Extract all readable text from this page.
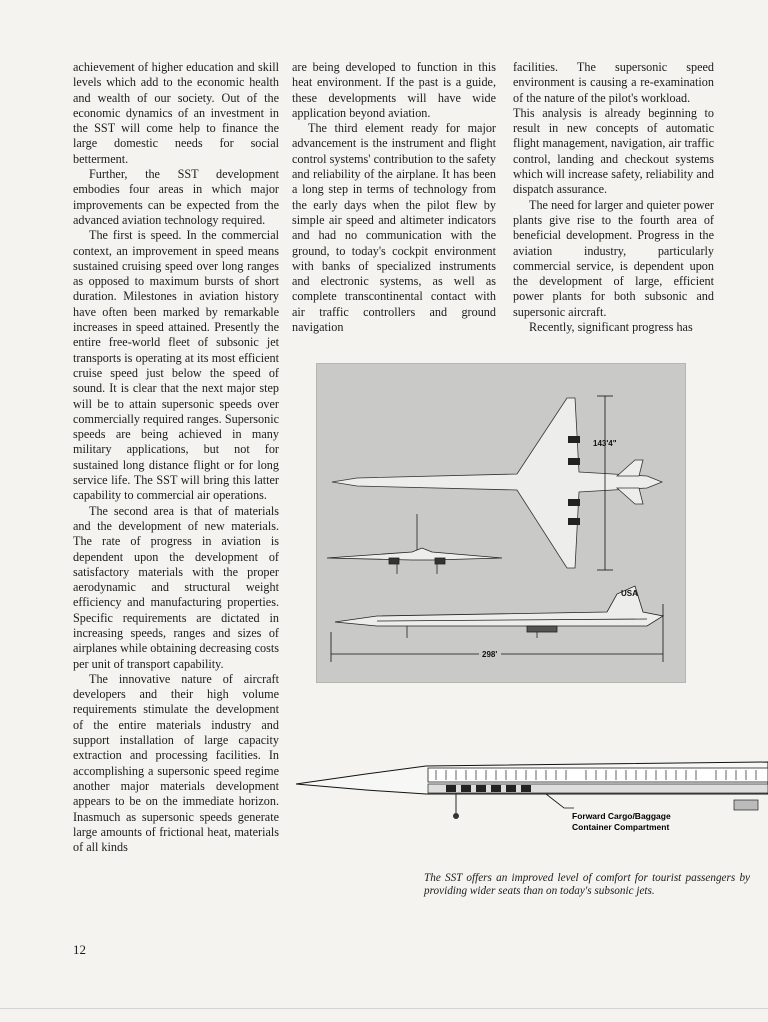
achievement of higher education and skill levels which add to the economic health and wealth of our society. Out of the economic dynamics of an investment in the SST will come help to finance the large domestic needs for social betterment.

Further, the SST development embodies four areas in which major improvements can be expected from the advanced aviation technology required.

The first is speed. In the commercial context, an improvement in speed means sustained cruising speed over long ranges as opposed to maximum bursts of short duration. Milestones in aviation history have often been marked by remarkable increases in speed attained. Presently the entire free-world fleet of subsonic jet transports is operating at its most efficient cruise speed just below the speed of sound. It is clear that the next major step will be to attain supersonic speeds over commercially required ranges. Supersonic speeds are being achieved in many military applications, but not for sustained long distance flight or for long service life. The SST will bring this latter capability to commercial air operations.

The second area is that of materials and the development of new materials. The rate of progress in aviation is dependent upon the development of satisfactory materials with the proper aerodynamic and structural weight efficiency and manufacturing properties. Specific requirements are dictated in increasing speeds, ranges and sizes of airplanes while obtaining decreasing costs per unit of transport capability.

The innovative nature of aircraft developers and their high volume requirements stimulate the development of the entire materials industry and support installation of large capacity extraction and processing facilities. In accomplishing a supersonic speed regime another major materials development appears to be on the immediate horizon. Inasmuch as supersonic speeds generate large amounts of frictional heat, materials of all kinds

are being developed to function in this heat environment. If the past is a guide, these developments will have wide application beyond aviation.

The third element ready for major advancement is the instrument and flight control systems' contribution to the safety and reliability of the airplane. It has been a long step in terms of technology from the early days when the pilot flew by simple air speed and altimeter indicators and had no communication with the ground, to today's cockpit environment with banks of specialized instruments and electronic systems, as well as complete transcontinental contact with air traffic controllers and ground navigation

facilities. The supersonic speed environment is causing a re-examination of the nature of the pilot's workload.

This analysis is already beginning to result in new concepts of automatic flight management, navigation, air traffic control, landing and checkout systems which will increase safety, reliability and dispatch assurance.

The need for larger and quieter power plants give rise to the fourth area of beneficial development. Progress in the aviation industry, particularly commercial service, is dependent upon the development of large, efficient power plants for both subsonic and supersonic aircraft.

Recently, significant progress has

143'4"
USA
298'
Forward Cargo/Baggage Container Compartment
The SST offers an improved level of comfort for tourist passengers by providing wider seats than on today's subsonic jets.
12
